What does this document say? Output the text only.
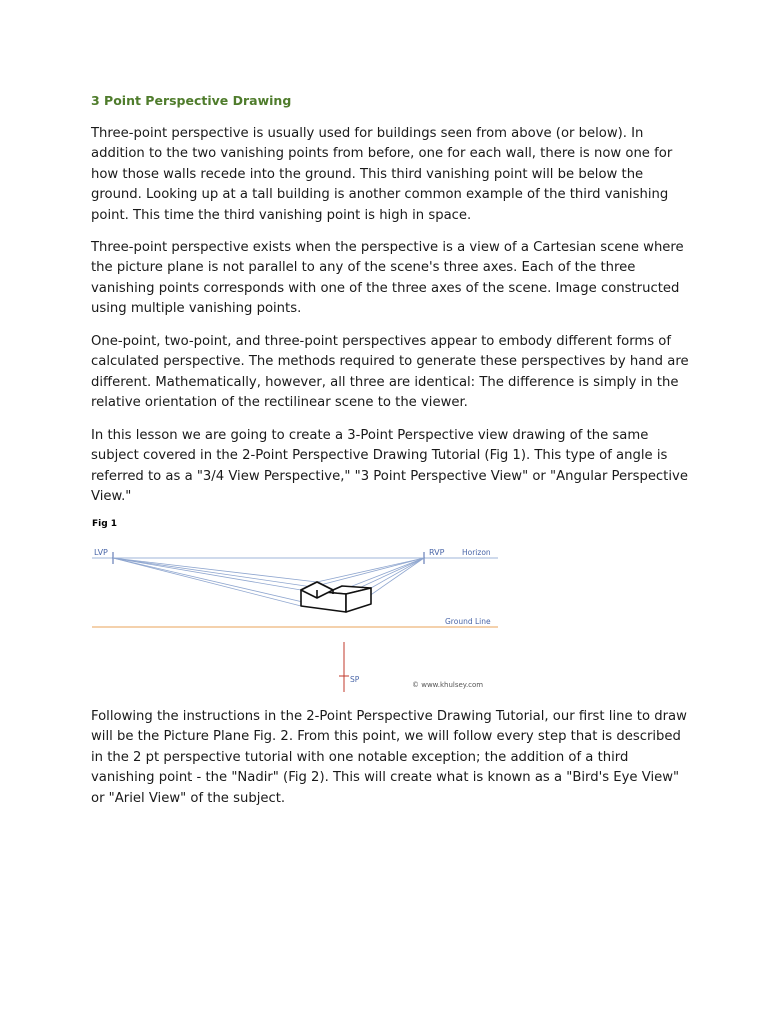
3 Point Perspective Drawing

Three-point perspective is usually used for buildings seen from above (or below). In addition to the two vanishing points from before, one for each wall, there is now one for how those walls recede into the ground. This third vanishing point will be below the ground. Looking up at a tall building is another common example of the third vanishing point. This time the third vanishing point is high in space.

Three-point perspective exists when the perspective is a view of a Cartesian scene where the picture plane is not parallel to any of the scene's three axes. Each of the three vanishing points corresponds with one of the three axes of the scene. Image constructed using multiple vanishing points.

One-point, two-point, and three-point perspectives appear to embody different forms of calculated perspective. The methods required to generate these perspectives by hand are different. Mathematically, however, all three are identical: The difference is simply in the relative orientation of the rectilinear scene to the viewer.

In this lesson we are going to create a 3-Point Perspective view drawing of the same subject covered in the 2-Point Perspective Drawing Tutorial (Fig 1). This type of angle is referred to as a "3/4 View Perspective," "3 Point Perspective View" or "Angular Perspective View."

Fig 1
LVP	RVP Horizon
Ground Line
SP
© www.khulsey.com

Following the instructions in the 2-Point Perspective Drawing Tutorial, our first line to draw will be the Picture Plane Fig. 2. From this point, we will follow every step that is described in the 2 pt perspective tutorial with one notable exception; the addition of a third vanishing point - the "Nadir" (Fig 2). This will create what is known as a "Bird's Eye View" or "Ariel View" of the subject.
